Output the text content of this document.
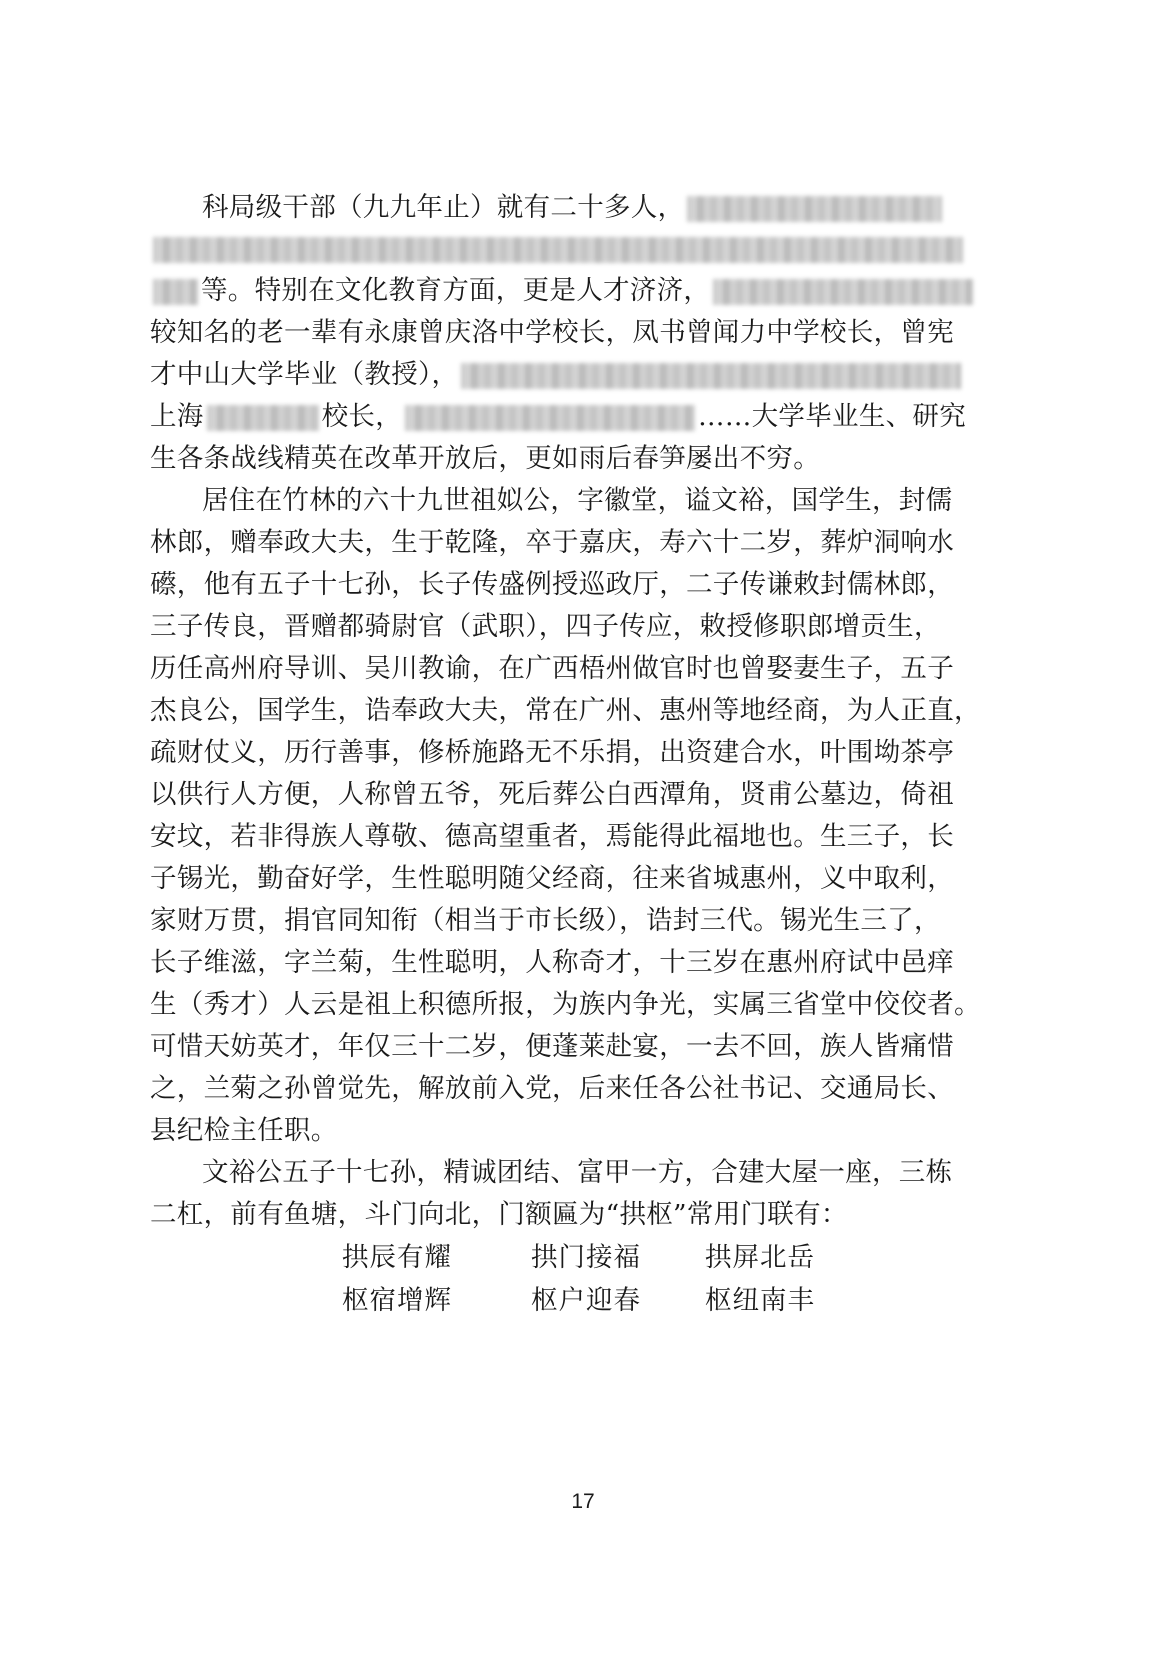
科局级干部（九九年止）就有二十多人，
等。特别在文化教育方面，更是人才济济，
较知名的老一辈有永康曾庆洛中学校长，凤书曾闻力中学校长，曾宪
才中山大学毕业（教授），
上海	校长，	……大学毕业生、研究
生各条战线精英在改革开放后，更如雨后春笋屡出不穷。
居住在竹林的六十九世祖姒公，字徽堂，谥文裕，国学生，封儒
林郎，赠奉政大夫，生于乾隆，卒于嘉庆，寿六十二岁，葬炉洞响水
礤，他有五子十七孙，长子传盛例授巡政厅，二子传谦敕封儒林郎，
三子传良，晋赠都骑尉官（武职），四子传应，敕授修职郎增贡生，
历任高州府导训、吴川教谕，在广西梧州做官时也曾娶妻生子，五子
杰良公，国学生，诰奉政大夫，常在广州、惠州等地经商，为人正直，
疏财仗义，历行善事，修桥施路无不乐捐，出资建合水，叶围坳茶亭
以供行人方便，人称曾五爷，死后葬公白西潭角，贤甫公墓边，倚祖
安坟，若非得族人尊敬、德高望重者，焉能得此福地也。生三子，长
子锡光，勤奋好学，生性聪明随父经商，往来省城惠州，义中取利，
家财万贯，捐官同知衔（相当于市长级），诰封三代。锡光生三了，
长子维滋，字兰菊，生性聪明，人称奇才，十三岁在惠州府试中邑痒
生（秀才）人云是祖上积德所报，为族内争光，实属三省堂中佼佼者。
可惜天妨英才，年仅三十二岁，便蓬莱赴宴，一去不回，族人皆痛惜
之，兰菊之孙曾觉先，解放前入党，后来任各公社书记、交通局长、
县纪检主任职。
文裕公五子十七孙，精诚团结、富甲一方，合建大屋一座，三栋
二杠，前有鱼塘，斗门向北，门额匾为“拱枢”常用门联有：
拱辰有耀	拱门接福 拱屏北岳
枢宿增辉	枢户迎春 枢纽南丰
17
